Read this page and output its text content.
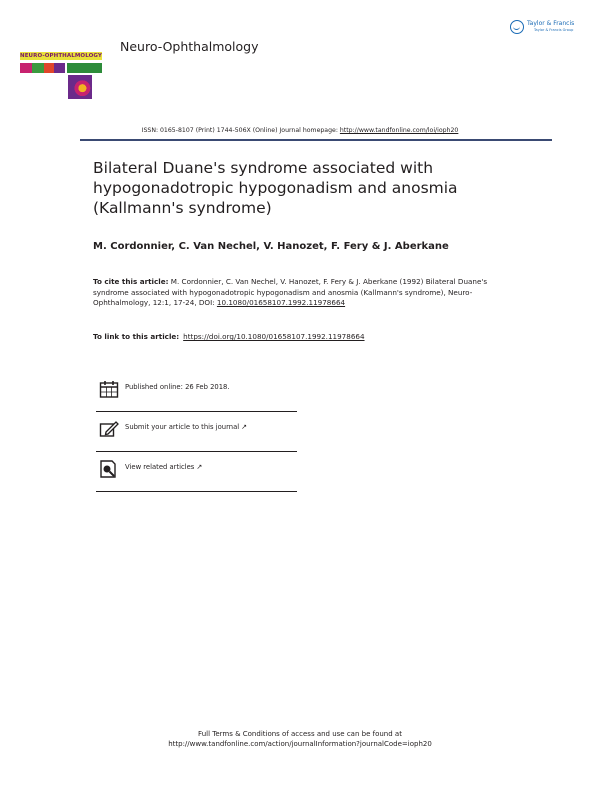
NEURO-OPHTHALMOLOGY
Neuro-Ophthalmology
Taylor & Francis
Taylor & Francis Group
ISSN: 0165-8107 (Print) 1744-506X (Online) Journal homepage: http://www.tandfonline.com/loi/ioph20
Bilateral Duane's syndrome associated with hypogonadotropic hypogonadism and anosmia (Kallmann's syndrome)
M. Cordonnier, C. Van Nechel, V. Hanozet, F. Fery & J. Aberkane
To cite this article: M. Cordonnier, C. Van Nechel, V. Hanozet, F. Fery & J. Aberkane (1992) Bilateral Duane's syndrome associated with hypogonadotropic hypogonadism and anosmia (Kallmann's syndrome), Neuro-Ophthalmology, 12:1, 17-24, DOI: 10.1080/01658107.1992.11978664
To link to this article: https://doi.org/10.1080/01658107.1992.11978664
Published online: 26 Feb 2018.
Submit your article to this journal ↗
View related articles ↗
Full Terms & Conditions of access and use can be found at
http://www.tandfonline.com/action/journalInformation?journalCode=ioph20
